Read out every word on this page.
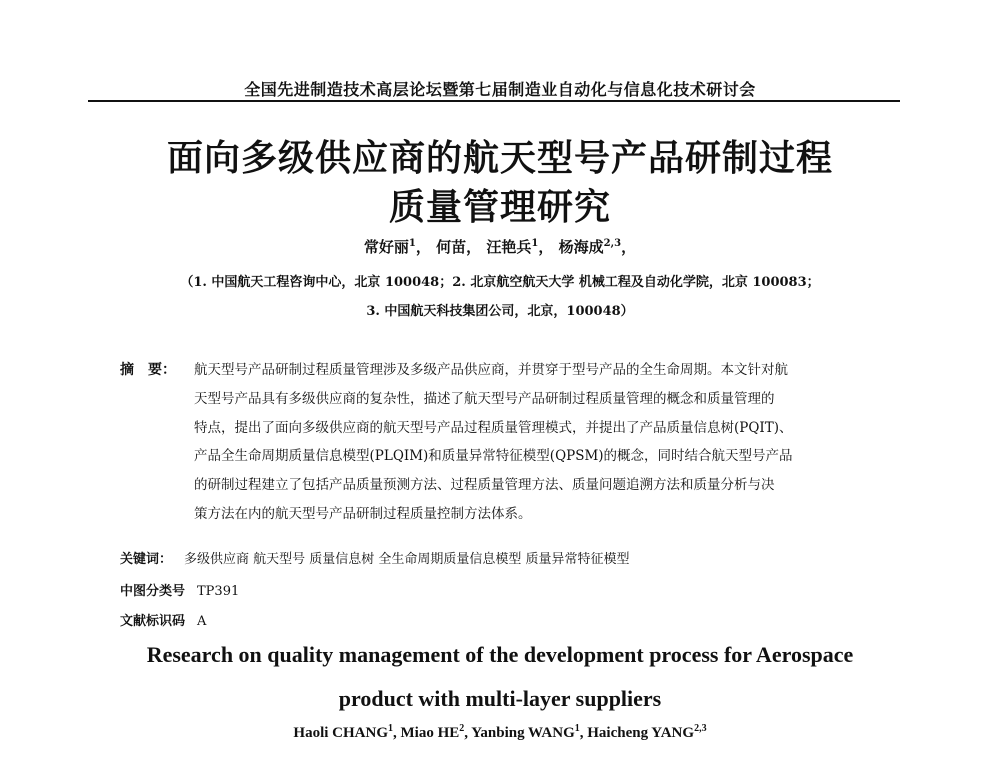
全国先进制造技术高层论坛暨第七届制造业自动化与信息化技术研讨会
面向多级供应商的航天型号产品研制过程
质量管理研究
常好丽$^1$， 何苗， 汪艳兵$^1$， 杨海成$^{2,3}$，
（1. 中国航天工程咨询中心，北京 100048；2. 北京航空航天大学 机械工程及自动化学院，北京 100083；
3. 中国航天科技集团公司，北京，100048）
摘　要： 航天型号产品研制过程质量管理涉及多级产品供应商，并贯穿于型号产品的全生命周期。本文针对航
天型号产品具有多级供应商的复杂性，描述了航天型号产品研制过程质量管理的概念和质量管理的
特点，提出了面向多级供应商的航天型号产品过程质量管理模式，并提出了产品质量信息树(PQIT)、
产品全生命周期质量信息模型(PLQIM)和质量异常特征模型(QPSM)的概念，同时结合航天型号产品
的研制过程建立了包括产品质量预测方法、过程质量管理方法、质量问题追溯方法和质量分析与决
策方法在内的航天型号产品研制过程质量控制方法体系。
关键词： 多级供应商 航天型号 质量信息树 全生命周期质量信息模型 质量异常特征模型
中图分类号 TP391
文献标识码 A
Research on quality management of the development process for Aerospace
product with multi-layer suppliers
Haoli CHANG$^1$, Miao $HE^2$, Yanbing WANG$^1$, Haicheng YANG$^{2,3}$
